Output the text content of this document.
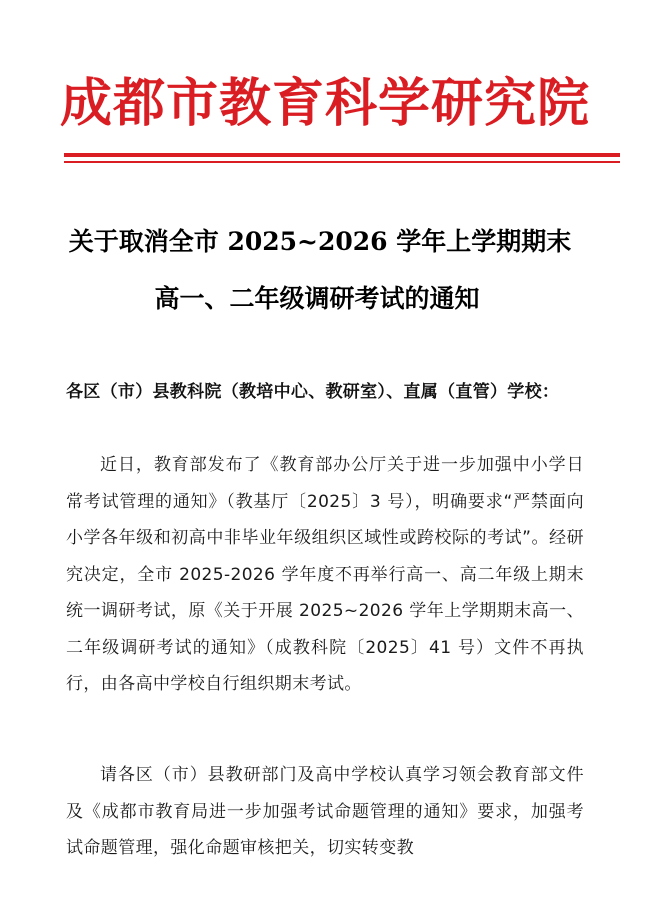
成都市教育科学研究院
关于取消全市 2025~2026 学年上学期期末
高一、二年级调研考试的通知
各区（市）县教科院（教培中心、教研室）、直属（直管）学校：
近日，教育部发布了《教育部办公厅关于进一步加强中小学日常考试管理的通知》（教基厅〔2025〕3 号），明确要求“严禁面向小学各年级和初高中非毕业年级组织区域性或跨校际的考试”。经研究决定，全市 2025-2026 学年度不再举行高一、高二年级上期末统一调研考试，原《关于开展 2025~2026 学年上学期期末高一、二年级调研考试的通知》（成教科院〔2025〕41 号）文件不再执行，由各高中学校自行组织期末考试。
请各区（市）县教研部门及高中学校认真学习领会教育部文件及《成都市教育局进一步加强考试命题管理的通知》要求，加强考试命题管理，强化命题审核把关，切实转变教
